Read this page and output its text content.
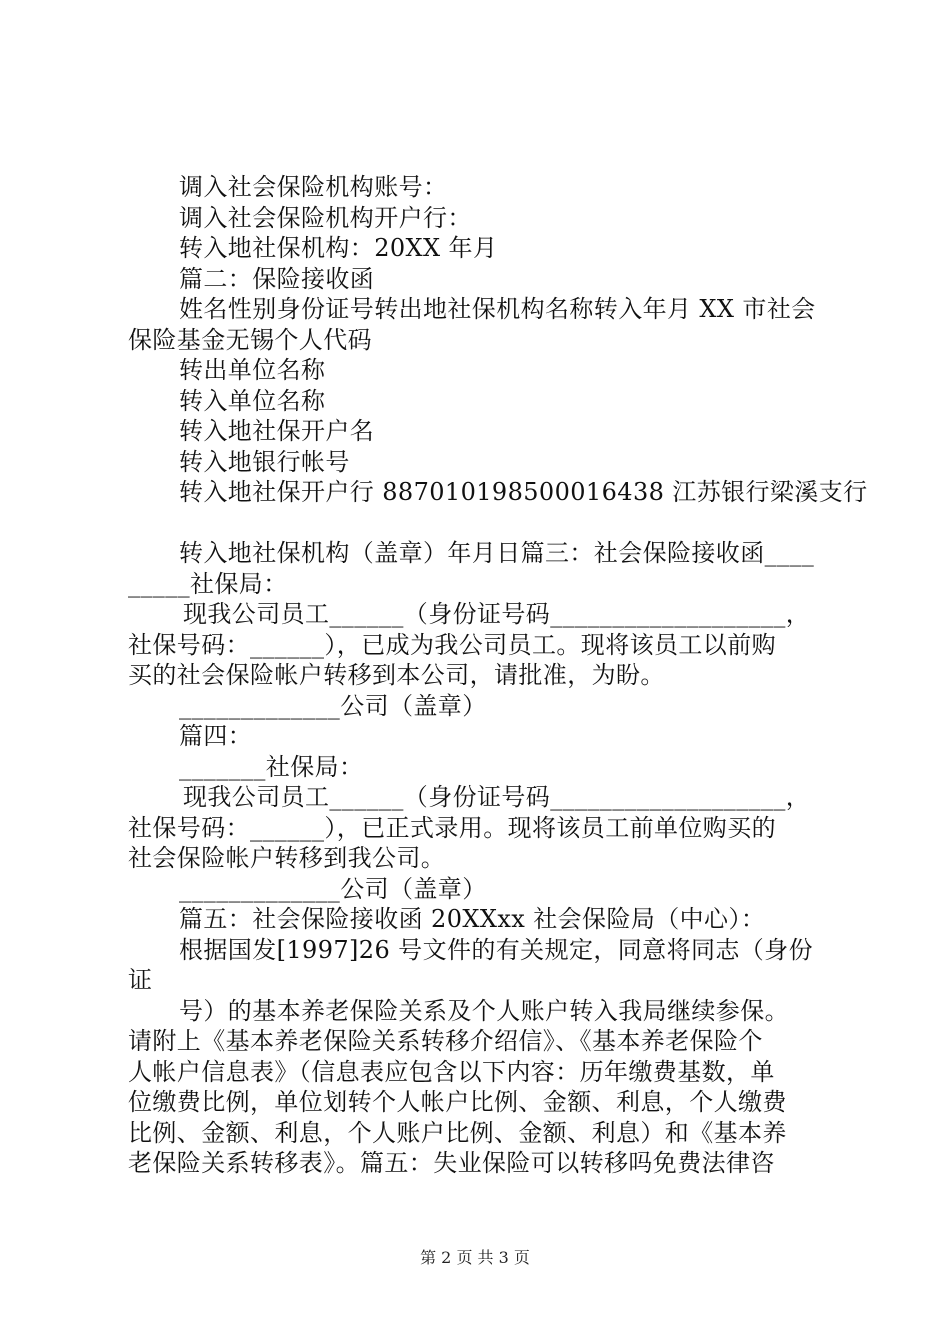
调入社会保险机构账号：
调入社会保险机构开户行：
转入地社保机构：20XX 年月
篇二：保险接收函
姓名性别身份证号转出地社保机构名称转入年月 XX 市社会
保险基金无锡个人代码
转出单位名称
转入单位名称
转入地社保开户名
转入地银行帐号
转入地社保开户行 887010198500016438 江苏银行梁溪支行
转入地社保机构（盖章）年月日篇三：社会保险接收函____
_____社保局：
现我公司员工______（身份证号码___________________，
社保号码：______），已成为我公司员工。现将该员工以前购
买的社会保险帐户转移到本公司，请批准，为盼。
_____________公司（盖章）
篇四：
_______社保局：
现我公司员工______（身份证号码___________________，
社保号码：______），已正式录用。现将该员工前单位购买的
社会保险帐户转移到我公司。
_____________公司（盖章）
篇五：社会保险接收函 20XXxx 社会保险局（中心）：
根据国发[1997]26 号文件的有关规定，同意将同志（身份
证
号）的基本养老保险关系及个人账户转入我局继续参保。
请附上《基本养老保险关系转移介绍信》、《基本养老保险个
人帐户信息表》（信息表应包含以下内容：历年缴费基数，单
位缴费比例，单位划转个人帐户比例、金额、利息，个人缴费
比例、金额、利息，个人账户比例、金额、利息）和《基本养
老保险关系转移表》。篇五：失业保险可以转移吗免费法律咨
第 2 页 共 3 页
